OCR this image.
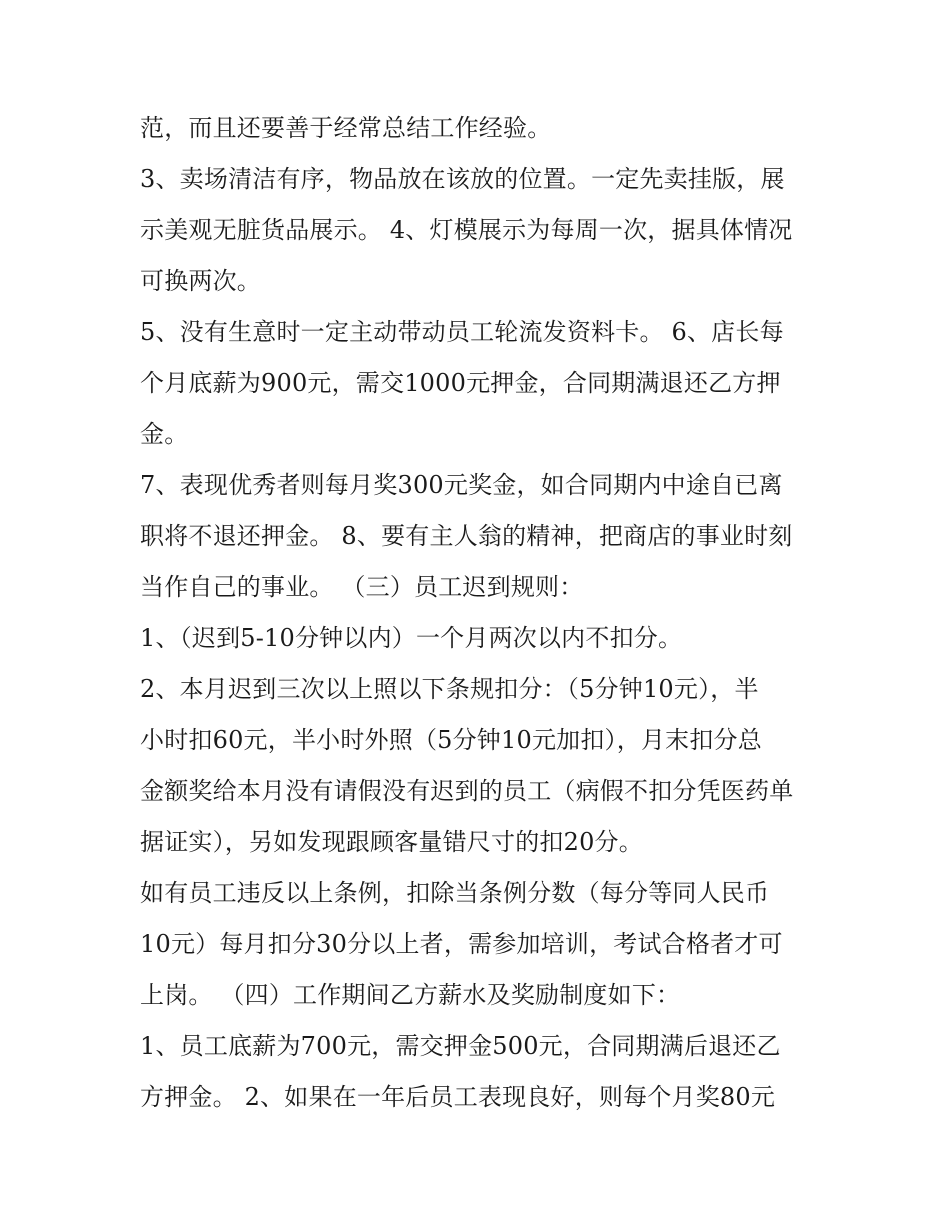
范，而且还要善于经常总结工作经验。
3、卖场清洁有序，物品放在该放的位置。一定先卖挂版，展
示美观无脏货品展示。 4、灯模展示为每周一次，据具体情况
可换两次。
5、没有生意时一定主动带动员工轮流发资料卡。 6、店长每
个月底薪为900元，需交1000元押金，合同期满退还乙方押
金。
7、表现优秀者则每月奖300元奖金，如合同期内中途自已离
职将不退还押金。 8、要有主人翁的精神，把商店的事业时刻
当作自己的事业。 （三）员工迟到规则：
1、（迟到5-10分钟以内）一个月两次以内不扣分。
2、本月迟到三次以上照以下条规扣分：（5分钟10元），半
小时扣60元，半小时外照（5分钟10元加扣），月末扣分总
金额奖给本月没有请假没有迟到的员工（病假不扣分凭医药单
据证实），另如发现跟顾客量错尺寸的扣20分。
如有员工违反以上条例，扣除当条例分数（每分等同人民币
10元）每月扣分30分以上者，需参加培训，考试合格者才可
上岗。 （四）工作期间乙方薪水及奖励制度如下：
1、员工底薪为700元，需交押金500元，合同期满后退还乙
方押金。 2、如果在一年后员工表现良好，则每个月奖80元
